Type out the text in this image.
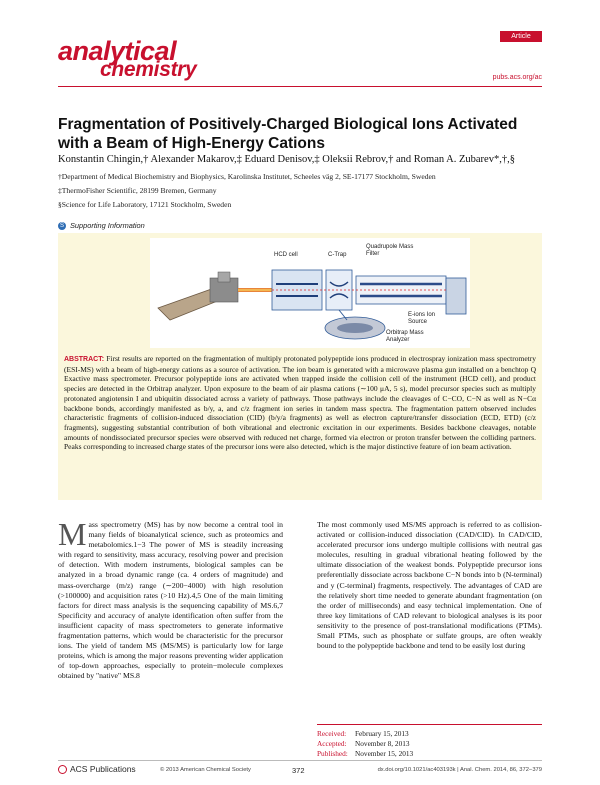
analytical
chemistry
Article
pubs.acs.org/ac
Fragmentation of Positively-Charged Biological Ions Activated with a Beam of High-Energy Cations
Konstantin Chingin,† Alexander Makarov,‡ Eduard Denisov,‡ Oleksii Rebrov,† and Roman A. Zubarev*,†,§
†Department of Medical Biochemistry and Biophysics, Karolinska Institutet, Scheeles väg 2, SE-17177 Stockholm, Sweden
‡ThermoFisher Scientific, 28199 Bremen, Germany
§Science for Life Laboratory, 17121 Stockholm, Sweden
S Supporting Information
HCD cell	C-Trap
Quadrupole Mass Filter
E-ions Ion Source
Orbitrap Mass Analyzer
ABSTRACT: First results are reported on the fragmentation of multiply protonated polypeptide ions produced in electrospray ionization mass spectrometry (ESI-MS) with a beam of high-energy cations as a source of activation. The ion beam is generated with a microwave plasma gun installed on a benchtop Q Exactive mass spectrometer. Precursor polypeptide ions are activated when trapped inside the collision cell of the instrument (HCD cell), and product species are detected in the Orbitrap analyzer. Upon exposure to the beam of air plasma cations (∼100 μA, 5 s), model precursor species such as multiply protonated angiotensin I and ubiquitin dissociated across a variety of pathways. Those pathways include the cleavages of C−CO, C−N as well as N−Cα backbone bonds, accordingly manifested as b/y, a, and c/z fragment ion series in tandem mass spectra. The fragmentation pattern observed includes characteristic fragments of collision-induced dissociation (CID) (b/y/a fragments) as well as electron capture/transfer dissociation (ECD, ETD) (c/z fragments), suggesting substantial contribution of both vibrational and electronic excitation in our experiments. Besides backbone cleavages, notable amounts of nondissociated precursor species were observed with reduced net charge, formed via electron or proton transfer between the colliding partners. Peaks corresponding to increased charge states of the precursor ions were also detected, which is the major distinctive feature of ion beam activation.
Mass spectrometry (MS) has by now become a central tool in many fields of bioanalytical science, such as proteomics and metabolomics.1−3 The power of MS is steadily increasing with regard to sensitivity, mass accuracy, resolving power and precision of detection. With modern instruments, biological samples can be analyzed in a broad dynamic range (ca. 4 orders of magnitude) and mass-overcharge (m/z) range (∼200−4000) with high resolution (>100000) and acquisition rates (>10 Hz).4,5 One of the main limiting factors for direct mass analysis is the sequencing capability of MS.6,7 Specificity and accuracy of analyte identification often suffer from the insufficient capacity of mass spectrometers to generate informative fragmentation patterns, which would be characteristic for the precursor ions. The yield of tandem MS (MS/MS) is particularly low for large proteins, which is among the major reasons preventing wider application of top-down approaches, especially to protein−molecule complexes obtained by "native" MS.8
The most commonly used MS/MS approach is referred to as collision-activated or collision-induced dissociation (CAD/CID). In CAD/CID, accelerated precursor ions undergo multiple collisions with neutral gas molecules, resulting in gradual vibrational heating followed by the ultimate dissociation of the weakest bonds. Polypeptide precursor ions preferentially dissociate across backbone C−N bonds into b (N-terminal) and y (C-terminal) fragments, respectively. The advantages of CAD are the relatively short time needed to generate abundant fragmentation (on the order of milliseconds) and easy technical implementation. One of three key limitations of CAD relevant to biological analyses is its poor sensitivity to the presence of post-translational modifications (PTMs). Small PTMs, such as phosphate or sulfate groups, are often weakly bound to the polypeptide backbone and tend to be easily lost during
Received: February 15, 2013
Accepted: November 8, 2013
Published: November 15, 2013
ACS Publications	© 2013 American Chemical Society	372	dx.doi.org/10.1021/ac403193k | Anal. Chem. 2014, 86, 372−379
